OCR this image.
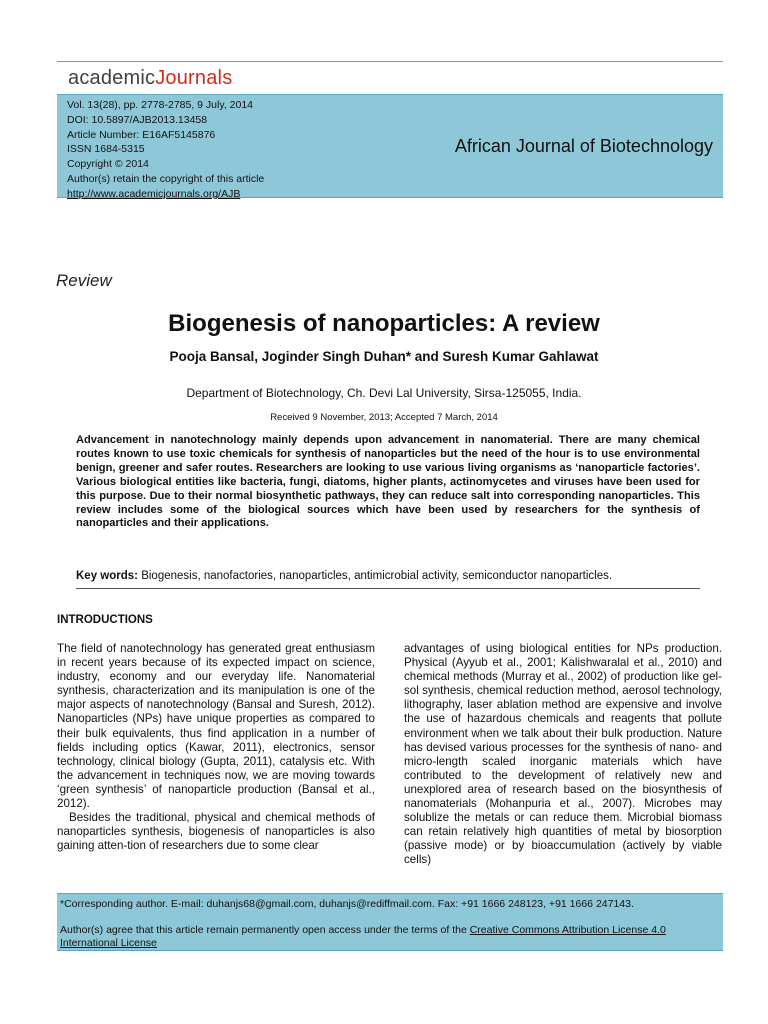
academicJournals
Vol. 13(28), pp. 2778-2785, 9 July, 2014
DOI: 10.5897/AJB2013.13458
Article Number: E16AF5145876
ISSN 1684-5315
Copyright © 2014
Author(s) retain the copyright of this article
http://www.academicjournals.org/AJB
African Journal of Biotechnology
Review
Biogenesis of nanoparticles: A review
Pooja Bansal, Joginder Singh Duhan* and Suresh Kumar Gahlawat
Department of Biotechnology, Ch. Devi Lal University, Sirsa-125055, India.
Received 9 November, 2013; Accepted 7 March, 2014
Advancement in nanotechnology mainly depends upon advancement in nanomaterial. There are many chemical routes known to use toxic chemicals for synthesis of nanoparticles but the need of the hour is to use environmental benign, greener and safer routes. Researchers are looking to use various living organisms as ‘nanoparticle factories’. Various biological entities like bacteria, fungi, diatoms, higher plants, actinomycetes and viruses have been used for this purpose. Due to their normal biosynthetic pathways, they can reduce salt into corresponding nanoparticles. This review includes some of the biological sources which have been used by researchers for the synthesis of nanoparticles and their applications.
Key words: Biogenesis, nanofactories, nanoparticles, antimicrobial activity, semiconductor nanoparticles.
INTRODUCTIONS

The field of nanotechnology has generated great enthusiasm in recent years because of its expected impact on science, industry, economy and our everyday life. Nanomaterial synthesis, characterization and its manipulation is one of the major aspects of nanotechnology (Bansal and Suresh, 2012). Nanoparticles (NPs) have unique properties as compared to their bulk equivalents, thus find application in a number of fields including optics (Kawar, 2011), electronics, sensor technology, clinical biology (Gupta, 2011), catalysis etc. With the advancement in techniques now, we are moving towards ‘green synthesis’ of nanoparticle production (Bansal et al., 2012).

Besides the traditional, physical and chemical methods of nanoparticles synthesis, biogenesis of nanoparticles is also gaining atten-tion of researchers due to some clear

advantages of using biological entities for NPs production. Physical (Ayyub et al., 2001; Kalishwaralal et al., 2010) and chemical methods (Murray et al., 2002) of production like gel-sol synthesis, chemical reduction method, aerosol technology, lithography, laser ablation method are expensive and involve the use of hazardous chemicals and reagents that pollute environment when we talk about their bulk production. Nature has devised various processes for the synthesis of nano- and micro-length scaled inorganic materials which have contributed to the development of relatively new and unexplored area of research based on the biosynthesis of nanomaterials (Mohanpuria et al., 2007). Microbes may solublize the metals or can reduce them. Microbial biomass can retain relatively high quantities of metal by biosorption (passive mode) or by bioaccumulation (actively by viable cells)

*Corresponding author. E-mail: duhanjs68@gmail.com, duhanjs@rediffmail.com. Fax: +91 1666 248123, +91 1666 247143.
Author(s) agree that this article remain permanently open access under the terms of the Creative Commons Attribution License 4.0 International License
